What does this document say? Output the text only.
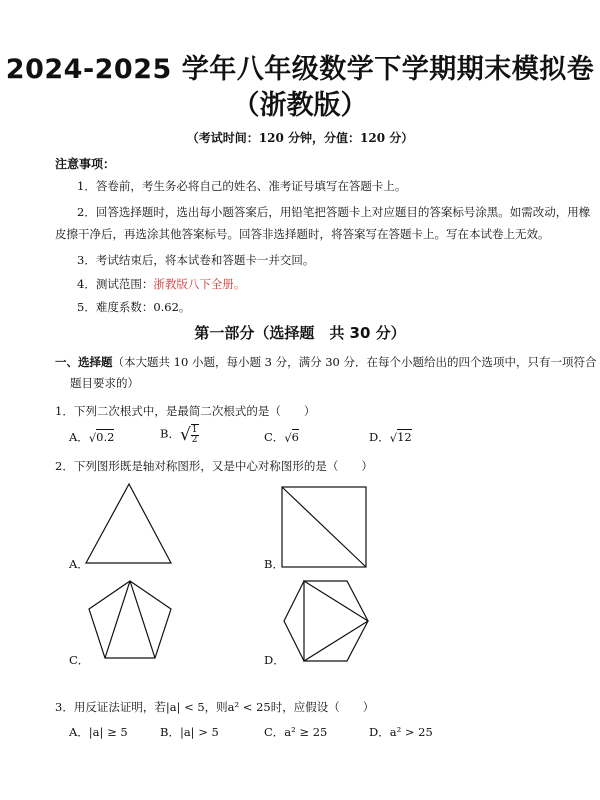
2024-2025 学年八年级数学下学期期末模拟卷
（浙教版）
（考试时间：120 分钟，分值：120 分）
注意事项：
1．答卷前，考生务必将自己的姓名、准考证号填写在答题卡上。
2．回答选择题时，选出每小题答案后，用铅笔把答题卡上对应题目的答案标号涂黑。如需改动，用橡
皮擦干净后，再选涂其他答案标号。回答非选择题时，将答案写在答题卡上。写在本试卷上无效。
3．考试结束后，将本试卷和答题卡一并交回。
4．测试范围：浙教版八下全册。
5．难度系数：0.62。
第一部分（选择题　共 30 分）
一、选择题（本大题共 10 小题，每小题 3 分，满分 30 分．在每个小题给出的四个选项中，只有一项符合
题目要求的）
1．下列二次根式中，是最简二次根式的是（　　）
A．√0.2	B．√ $\frac{1}{2}$	C．√6	D．√12
2．下列图形既是轴对称图形，又是中心对称图形的是（　　）
A．	B．
C．	D．
3．用反证法证明，若|a| < 5，则a² < 25时，应假设（　　）
A．|a| ≥ 5	B．|a| > 5	C．a² ≥ 25	D．a² > 25
